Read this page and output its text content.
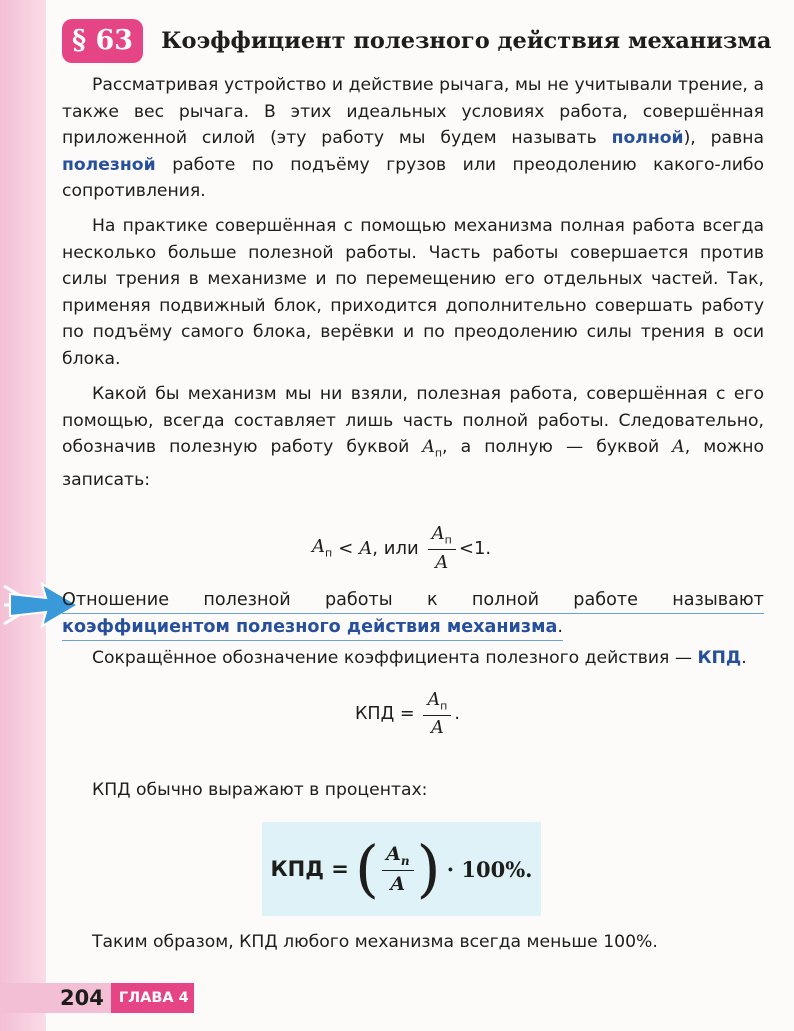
§ 63	Коэффициент полезного действия механизма

Рассматривая устройство и действие рычага, мы не учитывали трение, а также вес рычага. В этих идеальных условиях работа, совершённая приложенной силой (эту работу мы будем называть полной), равна полезной работе по подъёму грузов или преодолению какого-либо сопротивления.

На практике совершённая с помощью механизма полная работа всегда несколько больше полезной работы. Часть работы совершается против силы трения в механизме и по перемещению его отдельных частей. Так, применяя подвижный блок, приходится дополнительно совершать работу по подъёму самого блока, верёвки и по преодолению силы трения в оси блока.

Какой бы механизм мы ни взяли, полезная работа, совершённая с его помощью, всегда составляет лишь часть полной работы. Следовательно, обозначив полезную работу буквой $A_п$, а полную — буквой A, можно записать:

$A_п < A$ , или $\frac{A_п}{A} <1$.
Отношение полезной работы к полной работе называют
коэффициентом полезного действия механизма.
Сокращённое обозначение коэффициента полезного действия — КПД.
КПД = $\frac{A_п}{A}$ .
КПД обычно выражают в процентах:
КПД = ( $\frac{A_п}{A}$ ) · 100%.
Таким образом, КПД любого механизма всегда меньше 100%.
204	ГЛАВА 4
